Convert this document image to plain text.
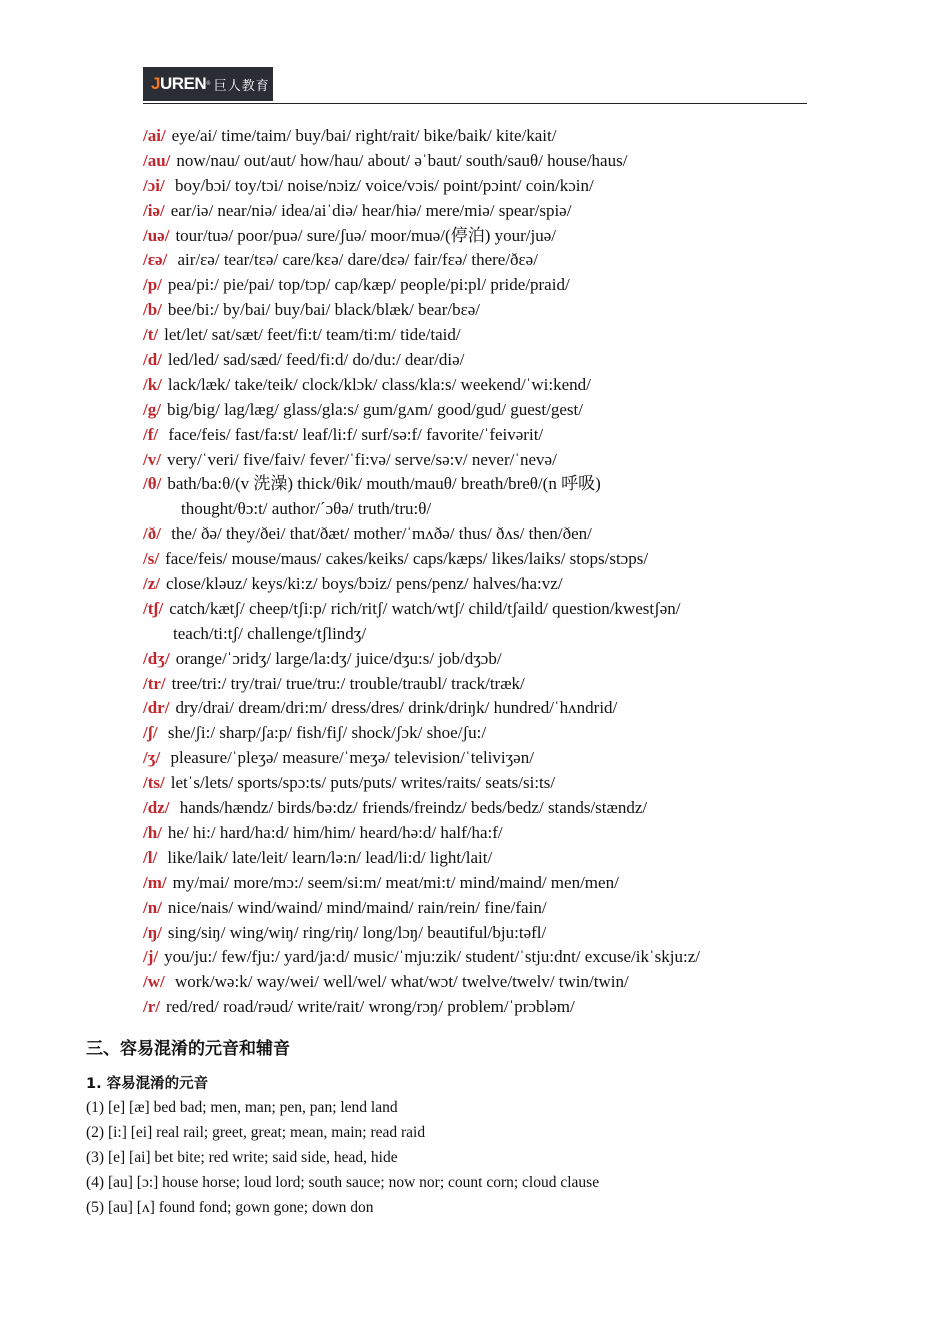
J UREN ® 巨人教育
/ai/ eye/ai/ time/taim/ buy/bai/ right/rait/ bike/baik/ kite/kait/
/au/ now/nau/ out/aut/ how/hau/ about/ əˈbaut/ south/sauθ/ house/haus/
/ɔi/ boy/bɔi/ toy/tɔi/ noise/nɔiz/ voice/vɔis/ point/pɔint/ coin/kɔin/
/iə/ ear/iə/ near/niə/ idea/aiˈdiə/ hear/hiə/ mere/miə/ spear/spiə/
/uə/ tour/tuə/ poor/puə/ sure/ʃuə/ moor/muə/(停泊) your/juə/
/ɛə/ air/ɛə/ tear/tɛə/ care/kɛə/ dare/dɛə/ fair/fɛə/ there/ðɛə/
/p/ pea/pi:/ pie/pai/ top/tɔp/ cap/kæp/ people/pi:pl/ pride/praid/
/b/ bee/bi:/ by/bai/ buy/bai/ black/blæk/ bear/bɛə/
/t/ let/let/ sat/sæt/ feet/fi:t/ team/ti:m/ tide/taid/
/d/ led/led/ sad/sæd/ feed/fi:d/ do/du:/ dear/diə/
/k/ lack/læk/ take/teik/ clock/klɔk/ class/kla:s/ weekend/ˈwi:kend/
/g/ big/big/ lag/læg/ glass/gla:s/ gum/gʌm/ good/gud/ guest/gest/
/f/ face/feis/ fast/fa:st/ leaf/li:f/ surf/sə:f/ favorite/ˈfeivərit/
/v/ very/ˈveri/ five/faiv/ fever/ˈfi:və/ serve/sə:v/ never/ˈnevə/
/θ/ bath/ba:θ/(v 洗澡) thick/θik/ mouth/mauθ/ breath/breθ/(n 呼吸)
thought/θɔ:t/ author/ˊɔθə/ truth/tru:θ/
/ð/ the/ ðə/ they/ðei/ that/ðæt/ mother/ˈmʌðə/ thus/ ðʌs/ then/ðen/
/s/ face/feis/ mouse/maus/ cakes/keiks/ caps/kæps/ likes/laiks/ stops/stɔps/
/z/ close/kləuz/ keys/ki:z/ boys/bɔiz/ pens/penz/ halves/ha:vz/
/tʃ/ catch/kætʃ/ cheep/tʃi:p/ rich/ritʃ/ watch/wtʃ/ child/tʃaild/ question/kwestʃən/
teach/ti:tʃ/ challenge/tʃlindʒ/
/dʒ/ orange/ˈɔridʒ/ large/la:dʒ/ juice/dʒu:s/ job/dʒɔb/
/tr/ tree/tri:/ try/trai/ true/tru:/ trouble/traubl/ track/træk/
/dr/ dry/drai/ dream/dri:m/ dress/dres/ drink/driŋk/ hundred/ˈhʌndrid/
/ʃ/ she/ʃi:/ sharp/ʃa:p/ fish/fiʃ/ shock/ʃɔk/ shoe/ʃu:/
/ʒ/ pleasure/ˈpleʒə/ measure/ˈmeʒə/ television/ˈteliviʒən/
/ts/ letˈs/lets/ sports/spɔ:ts/ puts/puts/ writes/raits/ seats/si:ts/
/dz/ hands/hændz/ birds/bə:dz/ friends/freindz/ beds/bedz/ stands/stændz/
/h/ he/ hi:/ hard/ha:d/ him/him/ heard/hə:d/ half/ha:f/
/l/ like/laik/ late/leit/ learn/lə:n/ lead/li:d/ light/lait/
/m/ my/mai/ more/mɔ:/ seem/si:m/ meat/mi:t/ mind/maind/ men/men/
/n/ nice/nais/ wind/waind/ mind/maind/ rain/rein/ fine/fain/
/ŋ/ sing/siŋ/ wing/wiŋ/ ring/riŋ/ long/lɔŋ/ beautiful/bju:təfl/
/j/ you/ju:/ few/fju:/ yard/ja:d/ music/ˈmju:zik/ student/ˈstju:dnt/ excuse/ikˈskju:z/
/w/ work/wə:k/ way/wei/ well/wel/ what/wɔt/ twelve/twelv/ twin/twin/
/r/ red/red/ road/rəud/ write/rait/ wrong/rɔŋ/ problem/ˈprɔbləm/
三、容易混淆的元音和辅音
1. 容易混淆的元音
(1) [e] [æ] bed bad; men, man; pen, pan; lend land
(2) [i:] [ei] real rail; greet, great; mean, main; read raid
(3) [e] [ai] bet bite; red write; said side, head, hide
(4) [au] [ɔ:] house horse; loud lord; south sauce; now nor; count corn; cloud clause
(5) [au] [ʌ] found fond; gown gone; down don
